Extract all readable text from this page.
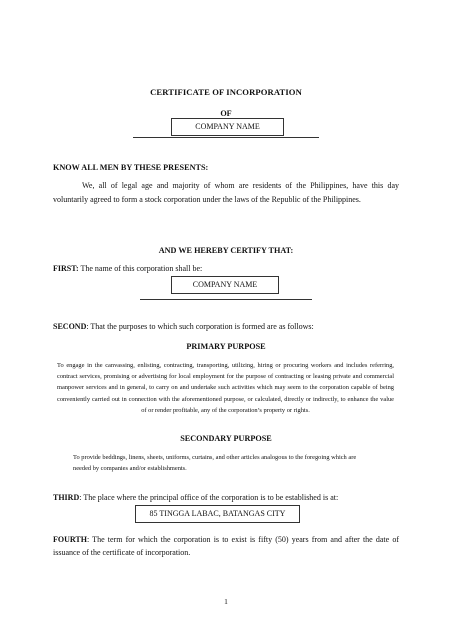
CERTIFICATE OF INCORPORATION
OF
COMPANY NAME
KNOW ALL MEN BY THESE PRESENTS:
We, all of legal age and majority of whom are residents of the Philippines, have this day voluntarily agreed to form a stock corporation under the laws of the Republic of the Philippines.
AND WE HEREBY CERTIFY THAT:
FIRST: The name of this corporation shall be:
COMPANY NAME
SECOND: That the purposes to which such corporation is formed are as follows:
PRIMARY PURPOSE
To engage in the canvassing, enlisting, contracting, transporting, utilizing, hiring or procuring workers and includes referring, contract services, promising or advertising for local employment for the purpose of contracting or leasing private and commercial manpower services and in general, to carry on and undertake such activities which may seem to the corporation capable of being conveniently carried out in connection with the aforementioned purpose, or calculated, directly or indirectly, to enhance the value of or render profitable, any of the corporation’s property or rights.
SECONDARY PURPOSE
To provide beddings, linens, sheets, uniforms, curtains, and other articles analogous to the foregoing which are needed by companies and/or establishments.
THIRD: The place where the principal office of the corporation is to be established is at:
85 TINGGA LABAC, BATANGAS CITY
FOURTH: The term for which the corporation is to exist is fifty (50) years from and after the date of issuance of the certificate of incorporation.
1
